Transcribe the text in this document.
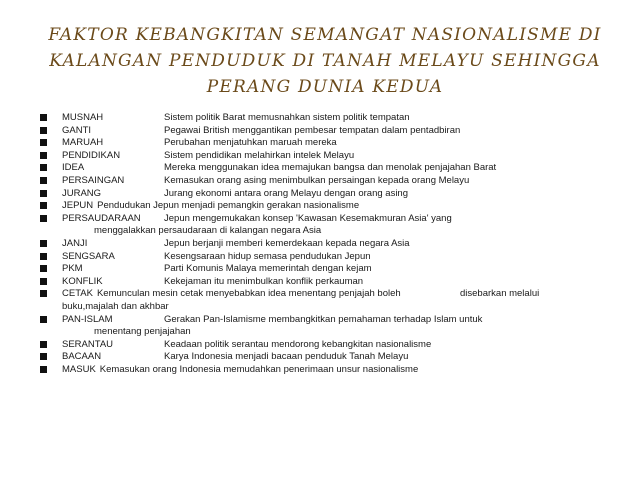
FAKTOR KEBANGKITAN SEMANGAT NASIONALISME DI
KALANGAN PENDUDUK DI TANAH MELAYU SEHINGGA
PERANG DUNIA KEDUA
MUSNAH	Sistem politik Barat memusnahkan sistem politik tempatan
GANTI	Pegawai British menggantikan pembesar tempatan dalam pentadbiran
MARUAH	Perubahan menjatuhkan maruah mereka
PENDIDIKAN	Sistem pendidikan melahirkan intelek Melayu
IDEA	Mereka menggunakan idea memajukan bangsa dan menolak penjajahan Barat
PERSAINGAN	Kemasukan orang asing menimbulkan persaingan kepada orang Melayu
JURANG	Jurang ekonomi antara orang Melayu dengan orang asing
JEPUN Pendudukan Jepun menjadi pemangkin gerakan nasionalisme
PERSAUDARAAN Jepun mengemukakan konsep 'Kawasan Kesemakmuran Asia' yang
menggalakkan persaudaraan di kalangan negara Asia
JANJI	Jepun berjanji memberi kemerdekaan kepada negara Asia
SENGSARA	Kesengsaraan hidup semasa pendudukan Jepun
PKM	Parti Komunis Malaya memerintah dengan kejam
KONFLIK	Kekejaman itu menimbulkan konflik perkauman
CETAK Kemunculan mesin cetak menyebabkan idea menentang penjajah boleh	disebarkan melalui
buku,majalah dan akhbar
PAN-ISLAM	Gerakan Pan-Islamisme membangkitkan pemahaman terhadap Islam untuk
menentang penjajahan
SERANTAU	Keadaan politik serantau mendorong kebangkitan nasionalisme
BACAAN	Karya Indonesia menjadi bacaan penduduk Tanah Melayu
MASUK Kemasukan orang Indonesia memudahkan penerimaan unsur nasionalisme
